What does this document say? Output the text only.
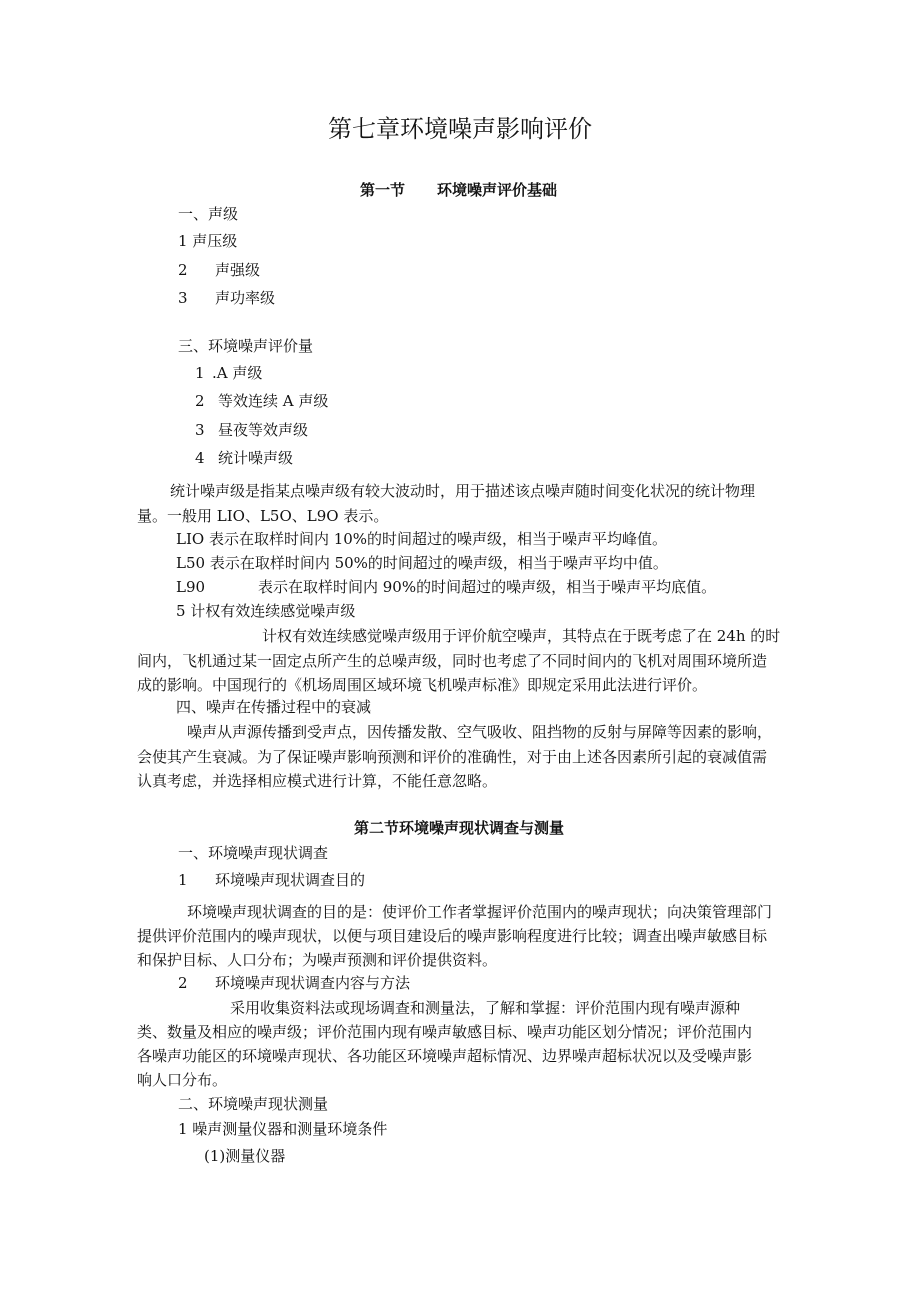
第七章环境噪声影响评价
第一节 环境噪声评价基础

一、声级

1 声压级

2 声强级

3 声功率级

三、环境噪声评价量

1 .A 声级

2 等效连续 A 声级

3 昼夜等效声级

4 统计噪声级

统计噪声级是指某点噪声级有较大波动时，用于描述该点噪声随时间变化状况的统计物理

量。一般用 LIO、L5O、L9O 表示。

LIO 表示在取样时间内 10%的时间超过的噪声级，相当于噪声平均峰值。

L50 表示在取样时间内 50%的时间超过的噪声级，相当于噪声平均中值。

L90	表示在取样时间内 90%的时间超过的噪声级，相当于噪声平均底值。

5 计权有效连续感觉噪声级

计权有效连续感觉噪声级用于评价航空噪声，其特点在于既考虑了在 24h 的时

间内，飞机通过某一固定点所产生的总噪声级，同时也考虑了不同时间内的飞机对周围环境所造

成的影响。中国现行的《机场周围区域环境飞机噪声标准》即规定采用此法进行评价。

四、噪声在传播过程中的衰减

噪声从声源传播到受声点，因传播发散、空气吸收、阻挡物的反射与屏障等因素的影响，

会使其产生衰减。为了保证噪声影响预测和评价的准确性，对于由上述各因素所引起的衰减值需

认真考虑，并选择相应模式进行计算，不能任意忽略。

第二节环境噪声现状调查与测量

一、环境噪声现状调查

1 环境噪声现状调查目的

环境噪声现状调查的目的是：使评价工作者掌握评价范围内的噪声现状；向决策管理部门

提供评价范围内的噪声现状，以便与项目建设后的噪声影响程度进行比较；调查出噪声敏感目标

和保护目标、人口分布；为噪声预测和评价提供资料。

2 环境噪声现状调查内容与方法

采用收集资料法或现场调查和测量法，了解和掌握：评价范围内现有噪声源种

类、数量及相应的噪声级；评价范围内现有噪声敏感目标、噪声功能区划分情况；评价范围内

各噪声功能区的环境噪声现状、各功能区环境噪声超标情况、边界噪声超标状况以及受噪声影

响人口分布。

二、环境噪声现状测量

1 噪声测量仪器和测量环境条件

(1)测量仪器
